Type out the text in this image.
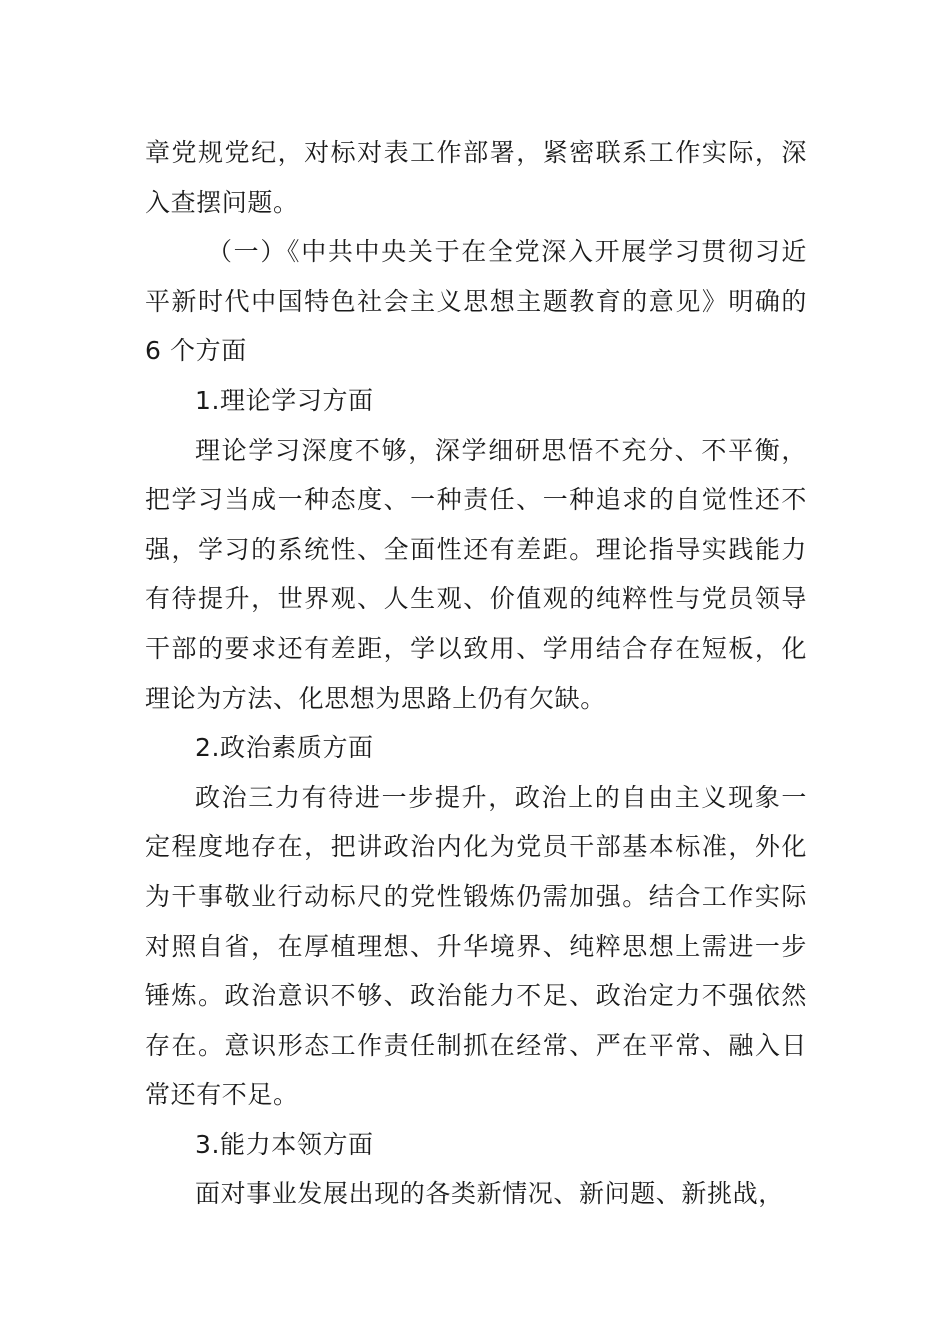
章党规党纪，对标对表工作部署，紧密联系工作实际，深入查摆问题。

（一）《中共中央关于在全党深入开展学习贯彻习近平新时代中国特色社会主义思想主题教育的意见》明确的 6 个方面

1.理论学习方面

理论学习深度不够，深学细研思悟不充分、不平衡，把学习当成一种态度、一种责任、一种追求的自觉性还不强，学习的系统性、全面性还有差距。理论指导实践能力有待提升，世界观、人生观、价值观的纯粹性与党员领导干部的要求还有差距，学以致用、学用结合存在短板，化理论为方法、化思想为思路上仍有欠缺。

2.政治素质方面

政治三力有待进一步提升，政治上的自由主义现象一定程度地存在，把讲政治内化为党员干部基本标准，外化为干事敬业行动标尺的党性锻炼仍需加强。结合工作实际对照自省，在厚植理想、升华境界、纯粹思想上需进一步锤炼。政治意识不够、政治能力不足、政治定力不强依然存在。意识形态工作责任制抓在经常、严在平常、融入日常还有不足。

3.能力本领方面

面对事业发展出现的各类新情况、新问题、新挑战，
